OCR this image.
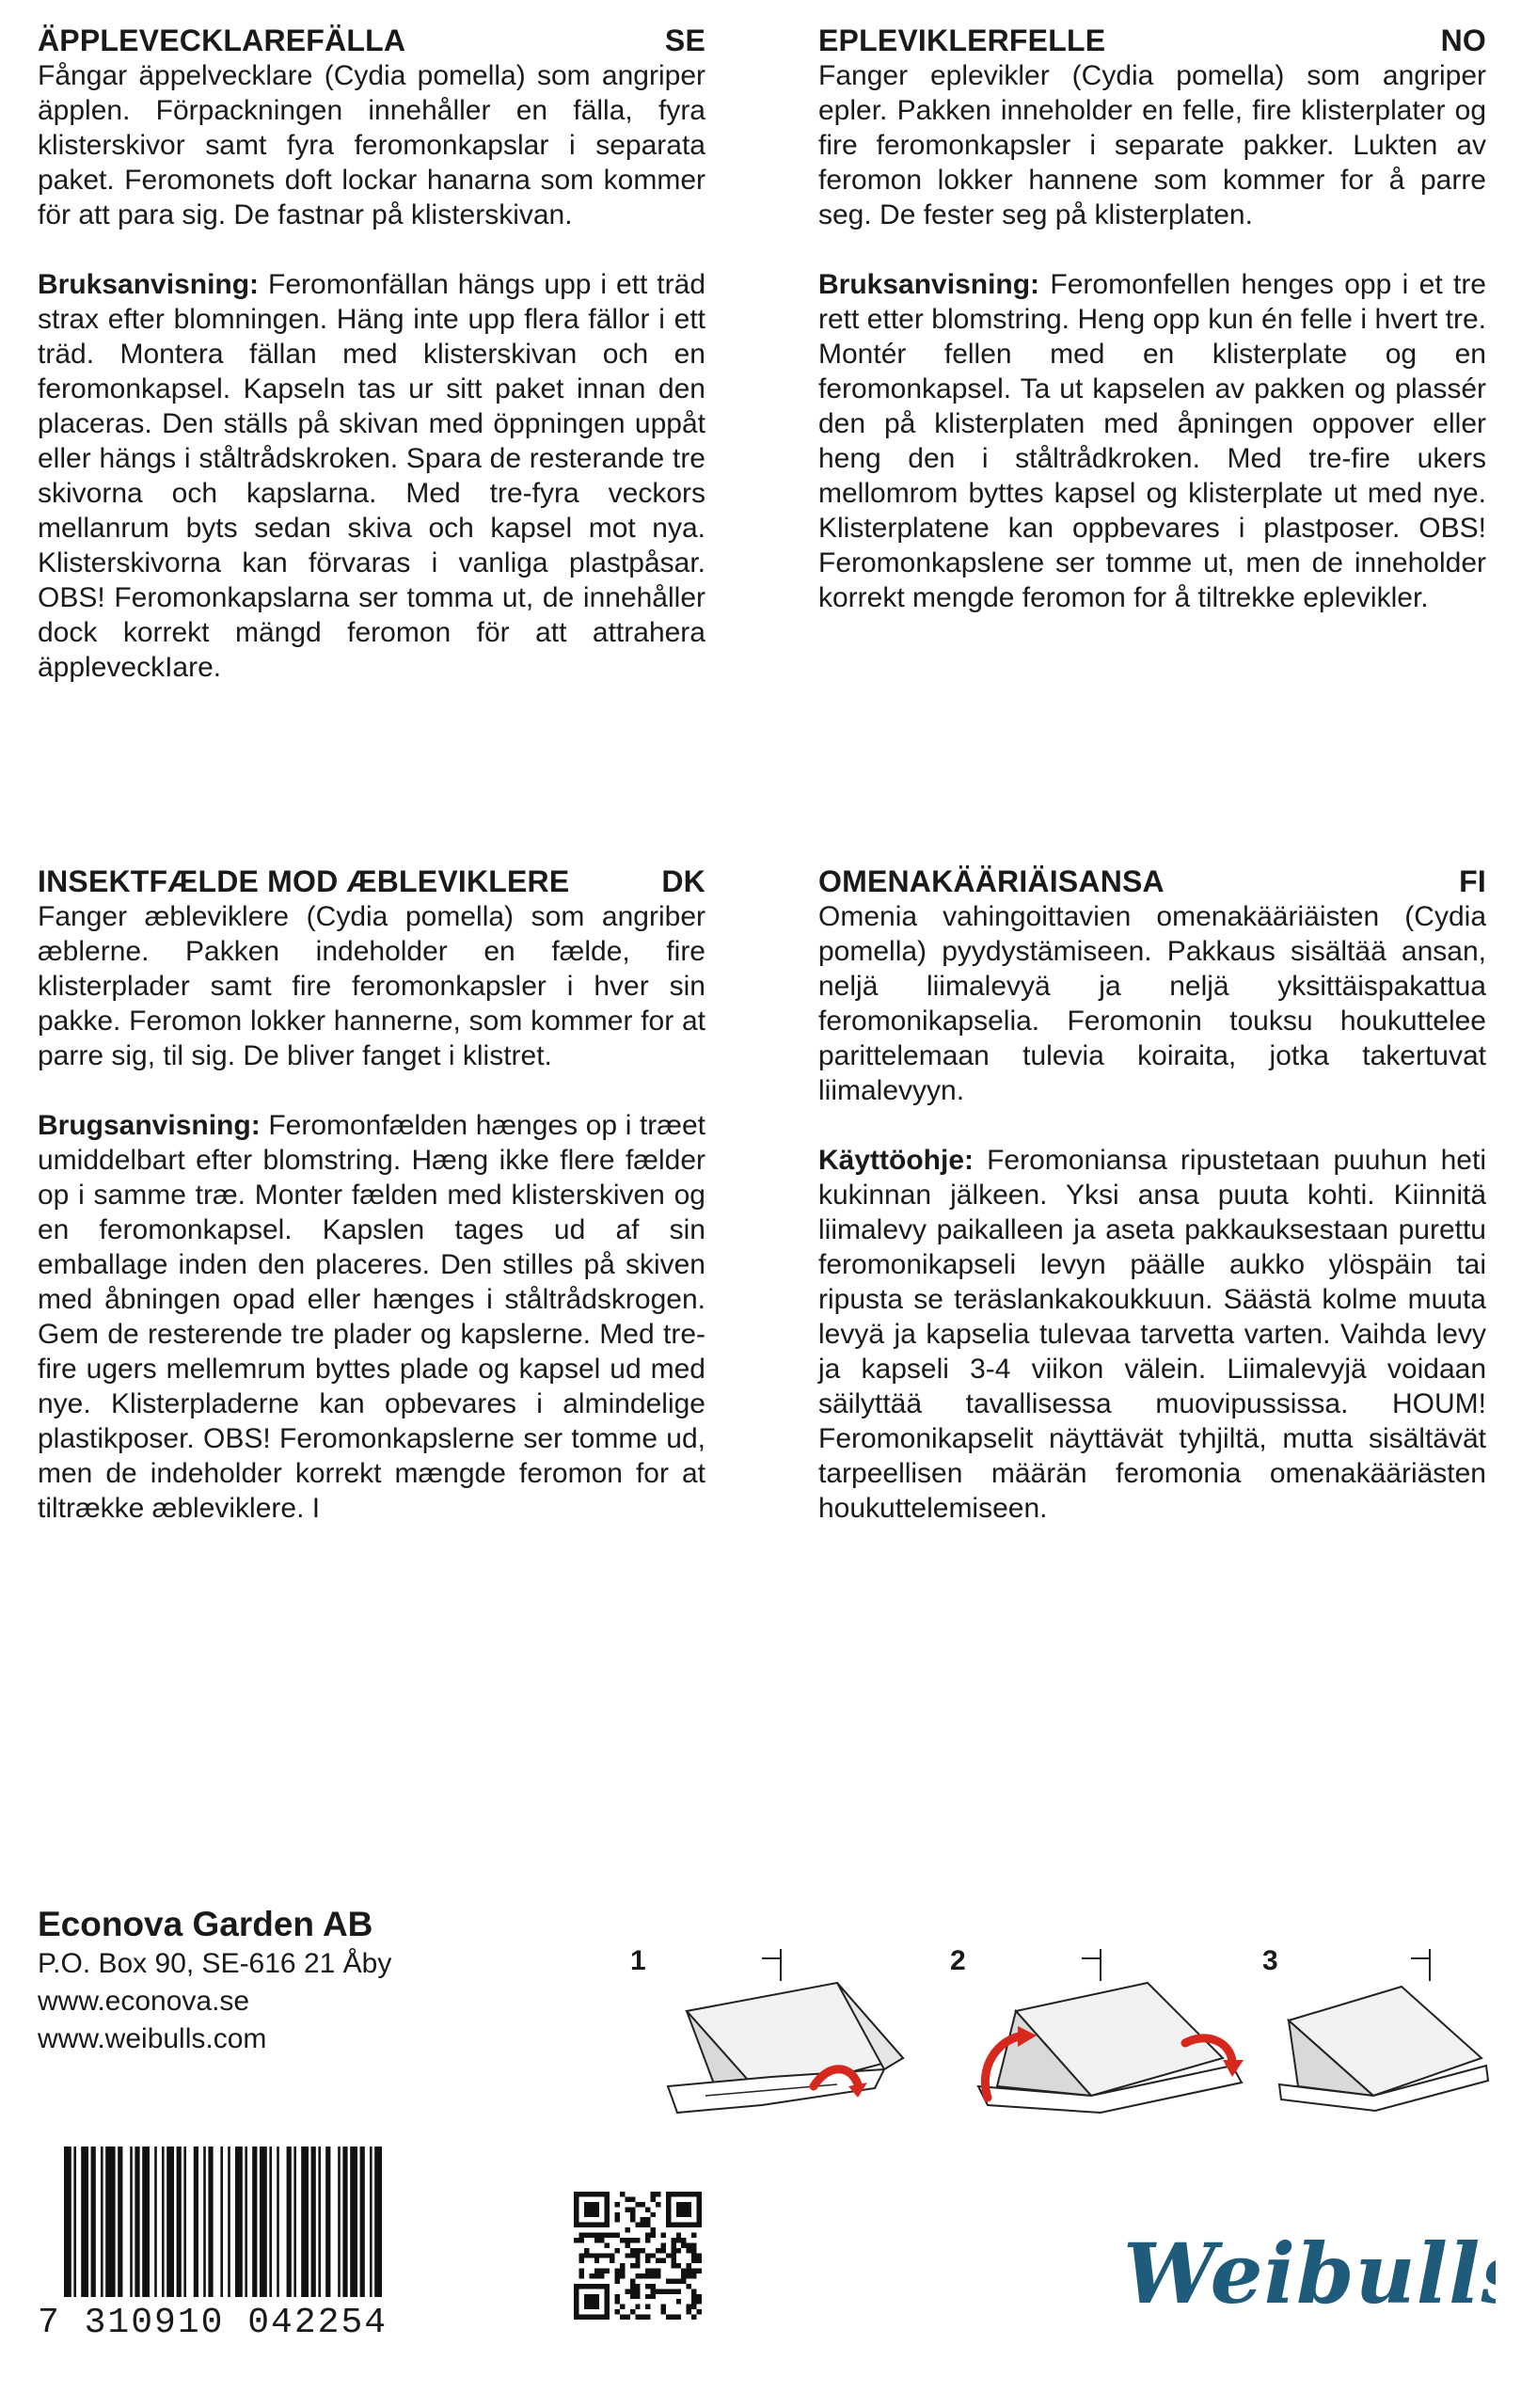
ÄPPLEVECKLAREFÄLLA	SE

Fångar äppelvecklare (Cydia pomella) som angriper äpplen. Förpackningen innehåller en fälla, fyra klisterskivor samt fyra feromonkapslar i separata paket. Feromonets doft lockar hanarna som kommer för att para sig. De fastnar på klisterskivan.

Bruksanvisning: Feromonfällan hängs upp i ett träd strax efter blomningen. Häng inte upp flera fällor i ett träd. Montera fällan med klisterskivan och en feromonkapsel. Kapseln tas ur sitt paket innan den placeras. Den ställs på skivan med öppningen uppåt eller hängs i ståltrådskroken. Spara de resterande tre skivorna och kapslarna. Med tre-fyra veckors mellanrum byts sedan skiva och kapsel mot nya. Klisterskivorna kan förvaras i vanliga plastpåsar. OBS! Feromonkapslarna ser tomma ut, de innehåller dock korrekt mängd feromon för att attrahera äppleveckIare.

EPLEVIKLERFELLE	NO

Fanger eplevikler (Cydia pomella) som angriper epler. Pakken inneholder en felle, fire klisterplater og fire feromonkapsler i separate pakker. Lukten av feromon lokker hannene som kommer for å parre seg. De fester seg på klisterplaten.

Bruksanvisning: Feromonfellen henges opp i et tre rett etter blomstring. Heng opp kun én felle i hvert tre. Montér fellen med en klisterplate og en feromonkapsel. Ta ut kapselen av pakken og plassér den på klisterplaten med åpningen oppover eller heng den i ståltrådkroken. Med tre-fire ukers mellomrom byttes kapsel og klisterplate ut med nye. Klisterplatene kan oppbevares i plastposer. OBS! Feromonkapslene ser tomme ut, men de inneholder korrekt mengde feromon for å tiltrekke eplevikler.

INSEKTFÆLDE MOD ÆBLEVIKLERE	DK

Fanger æbleviklere (Cydia pomella) som angriber æblerne. Pakken indeholder en fælde, fire klisterplader samt fire feromonkapsler i hver sin pakke. Feromon lokker hannerne, som kommer for at parre sig, til sig. De bliver fanget i klistret.

Brugsanvisning: Feromonfælden hænges op i træet umiddelbart efter blomstring. Hæng ikke flere fælder op i samme træ. Monter fælden med klisterskiven og en feromonkapsel. Kapslen tages ud af sin emballage inden den placeres. Den stilles på skiven med åbningen opad eller hænges i ståltrådskrogen. Gem de resterende tre plader og kapslerne. Med tre-fire ugers mellemrum byttes plade og kapsel ud med nye. Klisterpladerne kan opbevares i almindelige plastikposer. OBS! Feromonkapslerne ser tomme ud, men de indeholder korrekt mængde feromon for at tiltrække æbleviklere. I

OMENAKÄÄRIÄISANSA	FI

Omenia vahingoittavien omenakääriäisten (Cydia pomella) pyydystämiseen. Pakkaus sisältää ansan, neljä liimalevyä ja neljä yksittäispakattua feromonikapselia. Feromonin touksu houkuttelee parittelemaan tulevia koiraita, jotka takertuvat liimalevyyn.

Käyttöohje: Feromoniansa ripustetaan puuhun heti kukinnan jälkeen. Yksi ansa puuta kohti. Kiinnitä liimalevy paikalleen ja aseta pakkauksestaan purettu feromonikapseli levyn päälle aukko ylöspäin tai ripusta se teräslankakoukkuun. Säästä kolme muuta levyä ja kapselia tulevaa tarvetta varten. Vaihda levy ja kapseli 3-4 viikon välein. Liimalevyjä voidaan säilyttää tavallisessa muovipussissa. HOUM! Feromonikapselit näyttävät tyhjiltä, mutta sisältävät tarpeellisen määrän feromonia omenakääriästen houkuttelemiseen.

Econova Garden AB
P.O. Box 90, SE-616 21 Åby
www.econova.se
www.weibulls.com
1	2	3
7 310910 042254
Weibulls
